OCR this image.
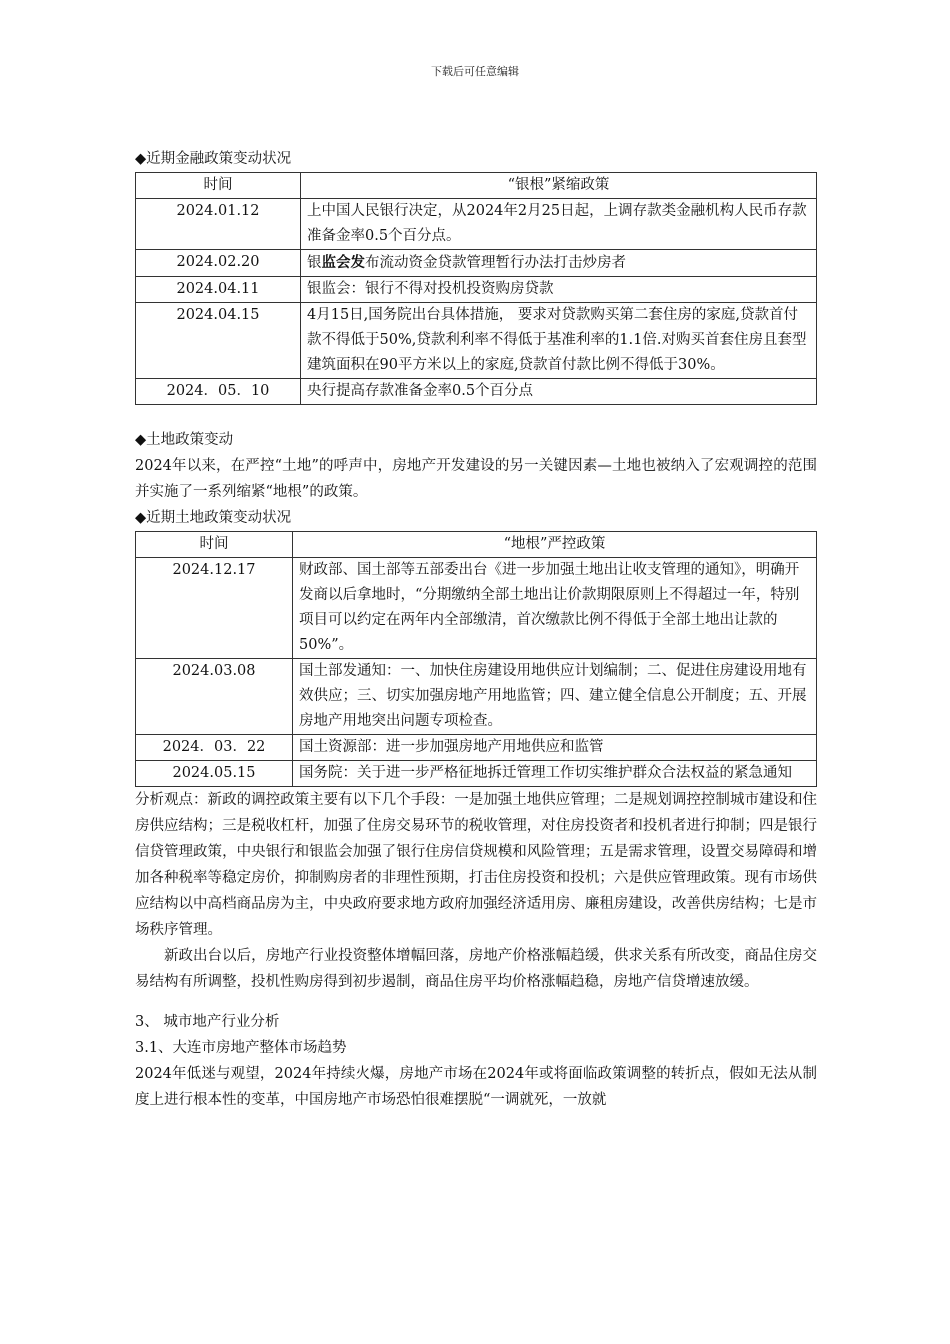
下载后可任意编辑

◆近期金融政策变动状况

时间	“银根”紧缩政策
2024.01.12	上中国人民银行决定，从2024年2月25日起，上调存款类金融机构人民币存款准备金率0.5个百分点。
2024.02.20	银监会发布流动资金贷款管理暂行办法打击炒房者
2024.04.11	银监会：银行不得对投机投资购房贷款
2024.04.15	4月15日,国务院出台具体措施， 要求对贷款购买第二套住房的家庭,贷款首付款不得低于50%,贷款利利率不得低于基准利率的1.1倍.对购买首套住房且套型建筑面积在90平方米以上的家庭,贷款首付款比例不得低于30%。
2024．05．10	央行提高存款准备金率0.5个百分点

◆土地政策变动

2024年以来，在严控“土地”的呼声中，房地产开发建设的另一关键因素—土地也被纳入了宏观调控的范围并实施了一系列缩紧“地根”的政策。

◆近期土地政策变动状况

时间	“地根”严控政策
2024.12.17	财政部、国土部等五部委出台《进一步加强土地出让收支管理的通知》，明确开发商以后拿地时，“分期缴纳全部土地出让价款期限原则上不得超过一年，特别项目可以约定在两年内全部缴清，首次缴款比例不得低于全部土地出让款的50%”。
2024.03.08	国土部发通知：一、加快住房建设用地供应计划编制；二、促进住房建设用地有效供应；三、切实加强房地产用地监管；四、建立健全信息公开制度；五、开展房地产用地突出问题专项检查。
2024．03．22	国土资源部：进一步加强房地产用地供应和监管
2024.05.15	国务院：关于进一步严格征地拆迁管理工作切实维护群众合法权益的紧急通知

分析观点：新政的调控政策主要有以下几个手段：一是加强土地供应管理；二是规划调控控制城市建设和住房供应结构；三是税收杠杆，加强了住房交易环节的税收管理，对住房投资者和投机者进行抑制；四是银行信贷管理政策，中央银行和银监会加强了银行住房信贷规模和风险管理；五是需求管理，设置交易障碍和增加各种税率等稳定房价，抑制购房者的非理性预期，打击住房投资和投机；六是供应管理政策。现有市场供应结构以中高档商品房为主，中央政府要求地方政府加强经济适用房、廉租房建设，改善供房结构；七是市场秩序管理。

新政出台以后，房地产行业投资整体增幅回落，房地产价格涨幅趋缓，供求关系有所改变，商品住房交易结构有所调整，投机性购房得到初步遏制，商品住房平均价格涨幅趋稳，房地产信贷增速放缓。

3、 城市地产行业分析

3.1、大连市房地产整体市场趋势

2024年低迷与观望，2024年持续火爆，房地产市场在2024年或将面临政策调整的转折点，假如无法从制度上进行根本性的变革，中国房地产市场恐怕很难摆脱“一调就死，一放就
